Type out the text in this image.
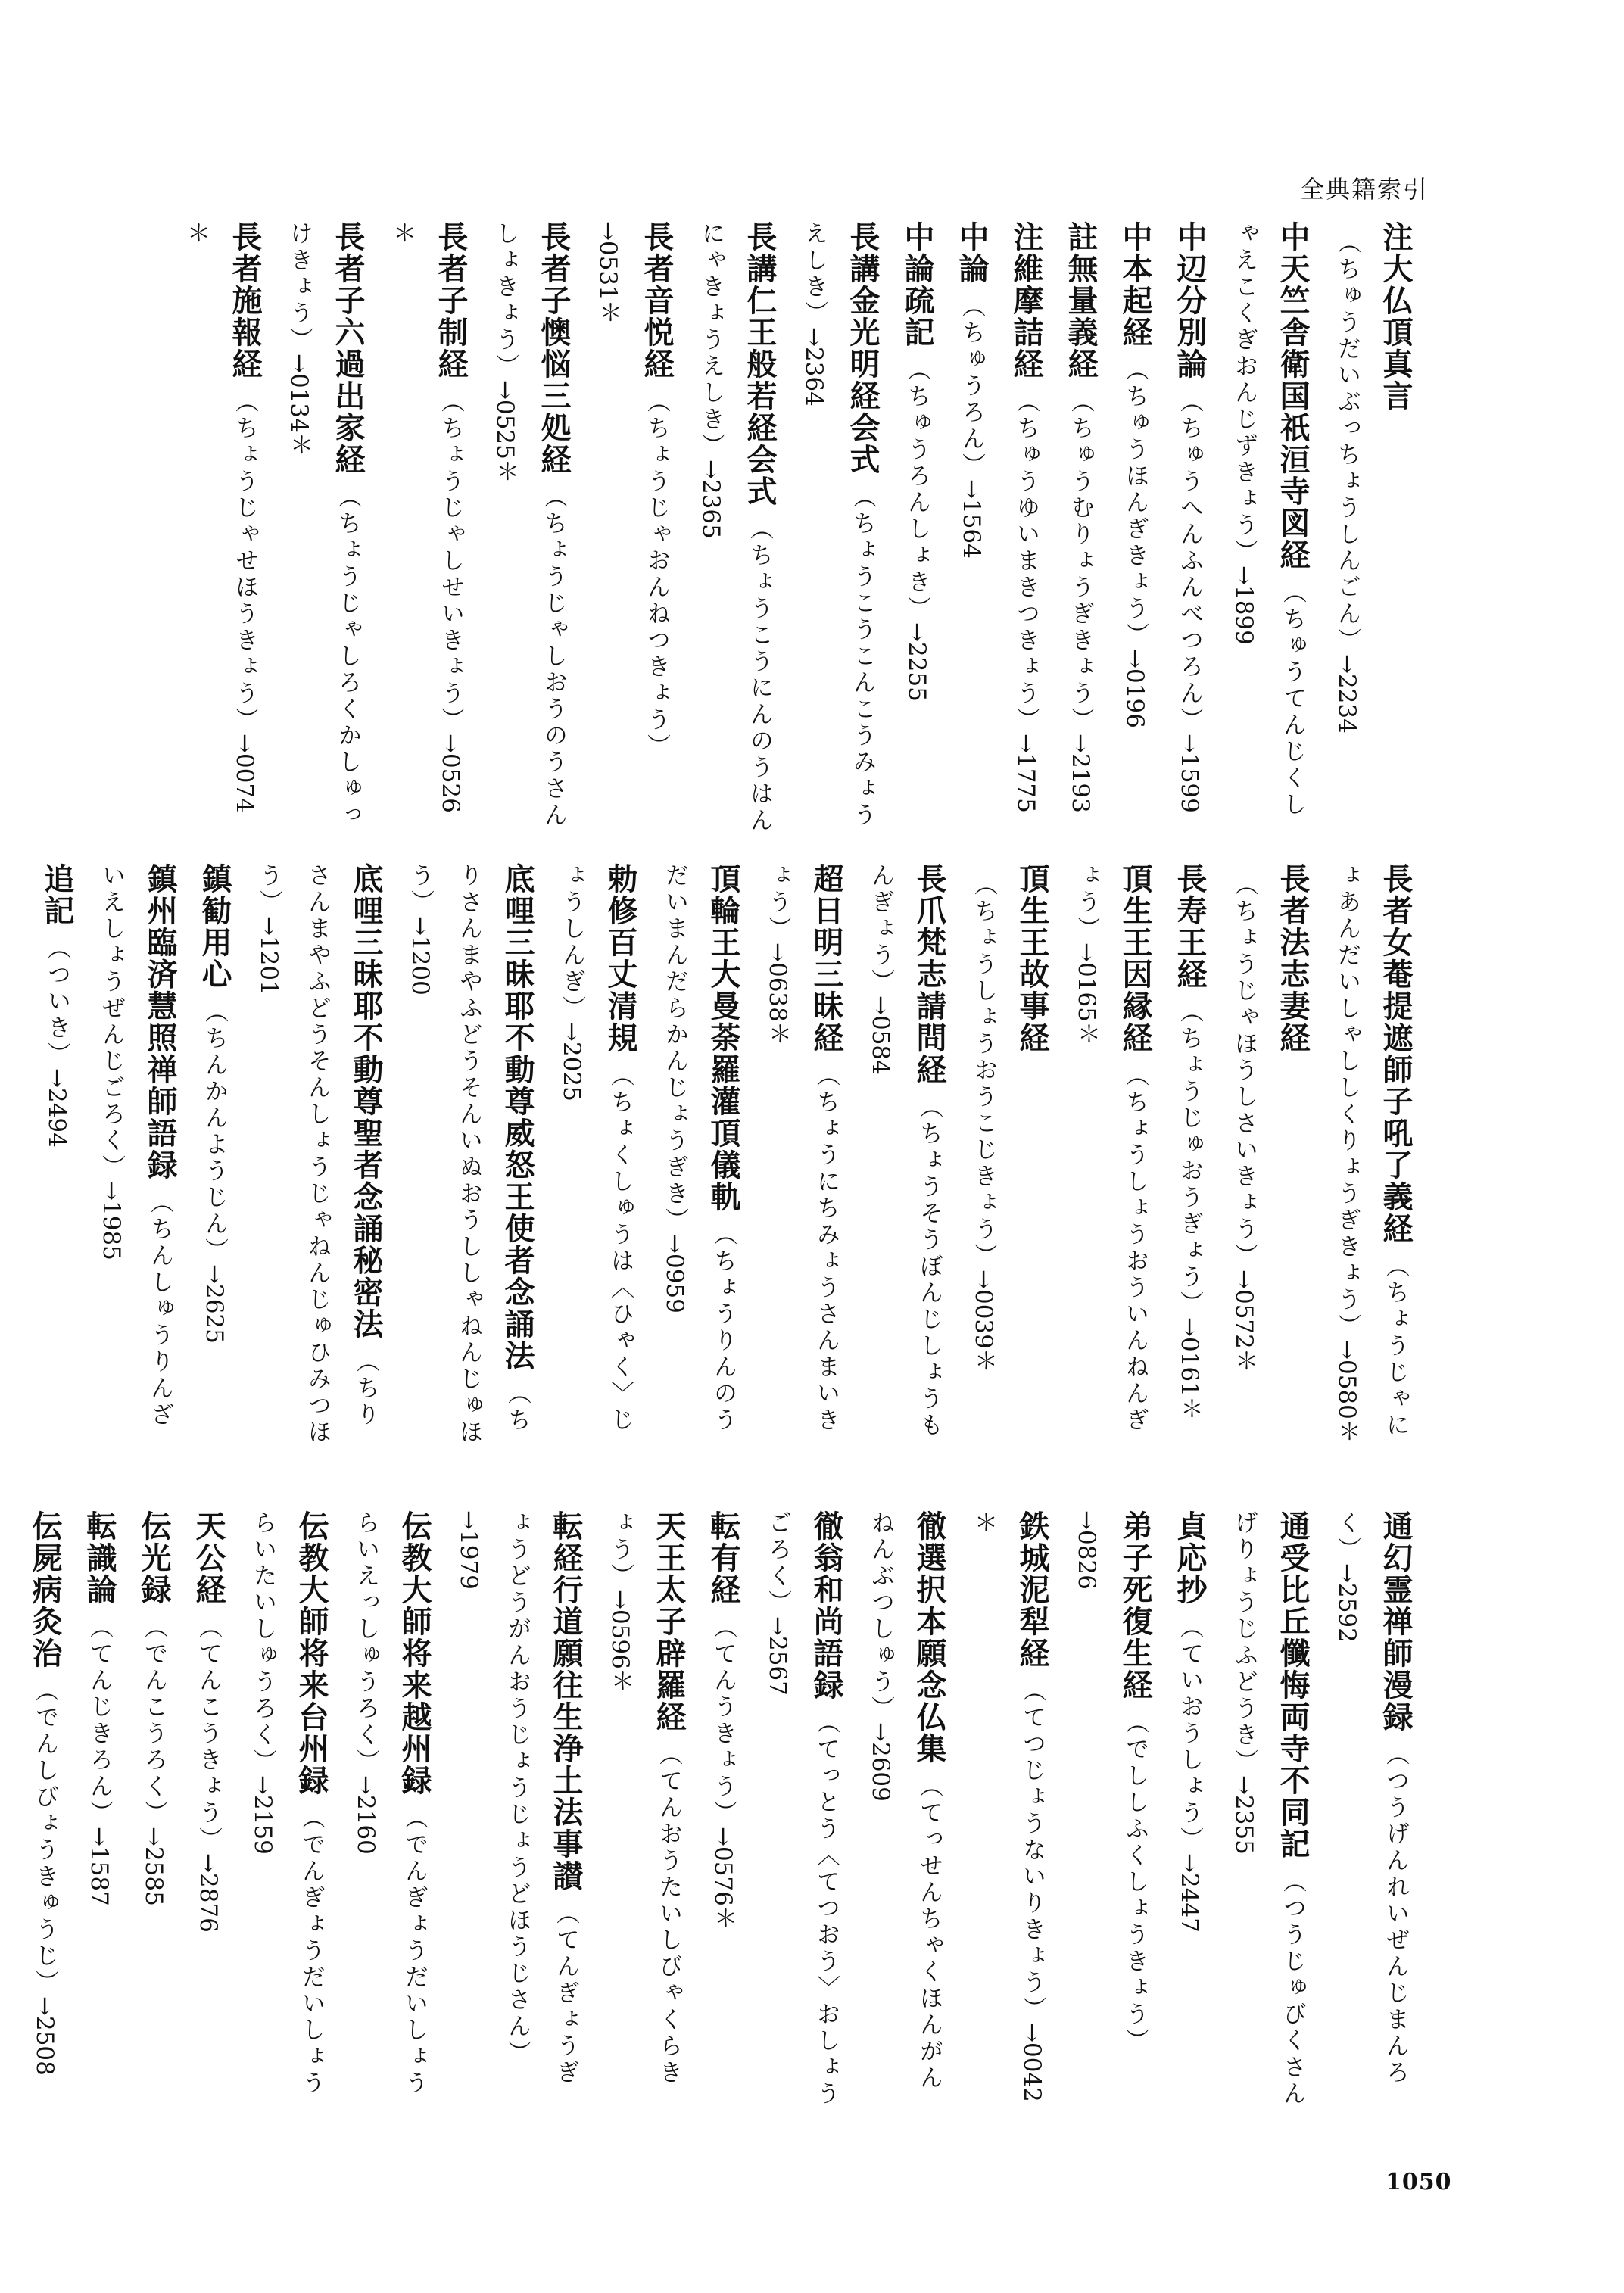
全典籍索引
注大仏頂真言（ちゅうだいぶっちょうしんごん）→2234
中天竺舎衛国祇洹寺図経（ちゅうてんじくしゃえこくぎおんじずきょう）→1899
中辺分別論（ちゅうへんふんべつろん）→1599
中本起経（ちゅうほんぎきょう）→0196
註無量義経（ちゅうむりょうぎきょう）→2193
注維摩詰経（ちゅうゆいまきつきょう）→1775
中論（ちゅうろん）→1564
中論疏記（ちゅうろんしょき）→2255
長講金光明経会式（ちょうこうこんこうみょうえしき）→2364
長講仁王般若経会式（ちょうこうにんのうはんにゃきょうえしき）→2365
長者音悦経（ちょうじゃおんねつきょう）→0531＊
長者子懊悩三処経（ちょうじゃしおうのうさんしょきょう）→0525＊
長者子制経（ちょうじゃしせいきょう）→0526＊
長者子六過出家経（ちょうじゃしろくかしゅっけきょう）→0134＊
長者施報経（ちょうじゃせほうきょう）→0074＊
長者女菴提遮師子吼了義経（ちょうじゃにょあんだいしゃししくりょうぎきょう）→0580＊
長者法志妻経（ちょうじゃほうしさいきょう）→0572＊
長寿王経（ちょうじゅおうぎょう）→0161＊
頂生王因縁経（ちょうしょうおういんねんぎょう）→0165＊
頂生王故事経（ちょうしょうおうこじきょう）→0039＊
長爪梵志請問経（ちょうそうぼんじしょうもんぎょう）→0584
超日明三昧経（ちょうにちみょうさんまいきょう）→0638＊
頂輪王大曼荼羅灌頂儀軌（ちょうりんのうだいまんだらかんじょうぎき）→0959
勅修百丈清規（ちょくしゅうは〈ひゃく〉じょうしんぎ）→2025
底哩三昧耶不動尊威怒王使者念誦法（ちりさんまやふどうそんいぬおうししゃねんじゅほう）→1200
底哩三昧耶不動尊聖者念誦秘密法（ちりさんまやふどうそんしょうじゃねんじゅひみつほう）→1201
鎮勧用心（ちんかんようじん）→2625
鎮州臨済慧照禅師語録（ちんしゅうりんざいえしょうぜんじごろく）→1985
追記（ついき）→2494
通幻霊禅師漫録（つうげんれいぜんじまんろく）→2592
通受比丘懺悔両寺不同記（つうじゅびくさんげりょうじふどうき）→2355
貞応抄（ていおうしょう）→2447
弟子死復生経（でししふくしょうきょう）→0826
鉄城泥犁経（てつじょうないりきょう）→0042＊
徹選択本願念仏集（てっせんちゃくほんがんねんぶつしゅう）→2609
徹翁和尚語録（てっとう〈てつおう〉おしょうごろく）→2567
転有経（てんうきょう）→0576＊
天王太子辟羅経（てんおうたいしびゃくらきょう）→0596＊
転経行道願往生浄土法事讃（てんぎょうぎょうどうがんおうじょうじょうどほうじさん）→1979
伝教大師将来越州録（でんぎょうだいしょうらいえっしゅうろく）→2160
伝教大師将来台州録（でんぎょうだいしょうらいたいしゅうろく）→2159
天公経（てんこうきょう）→2876
伝光録（でんこうろく）→2585
転識論（てんじきろん）→1587
伝屍病灸治（でんしびょうきゅうじ）→2508
1050
